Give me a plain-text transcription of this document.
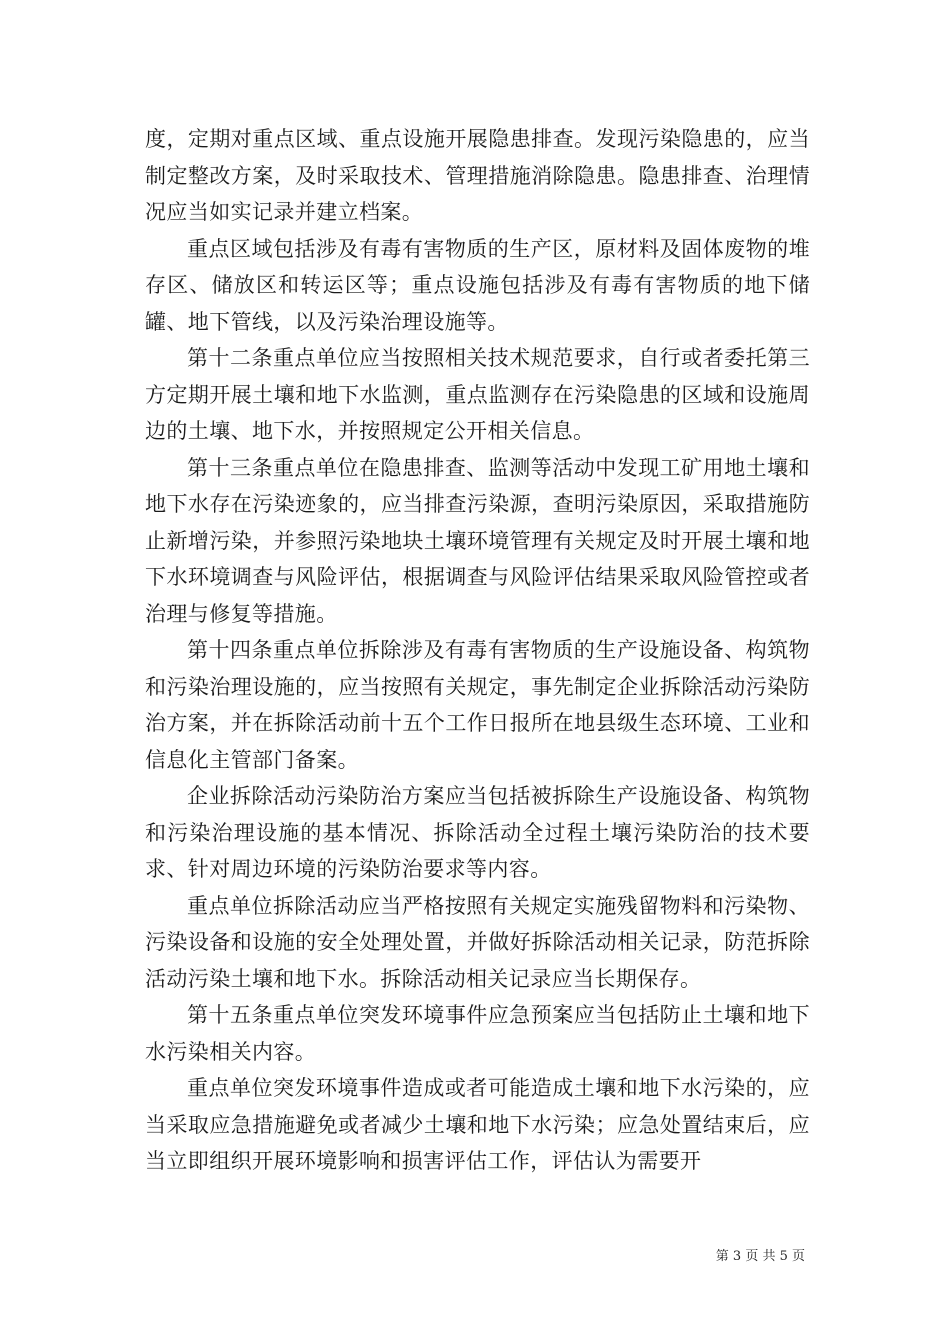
度，定期对重点区域、重点设施开展隐患排查。发现污染隐患的，应当制定整改方案，及时采取技术、管理措施消除隐患。隐患排查、治理情况应当如实记录并建立档案。

重点区域包括涉及有毒有害物质的生产区，原材料及固体废物的堆存区、储放区和转运区等；重点设施包括涉及有毒有害物质的地下储罐、地下管线，以及污染治理设施等。

第十二条重点单位应当按照相关技术规范要求，自行或者委托第三方定期开展土壤和地下水监测，重点监测存在污染隐患的区域和设施周边的土壤、地下水，并按照规定公开相关信息。

第十三条重点单位在隐患排查、监测等活动中发现工矿用地土壤和地下水存在污染迹象的，应当排查污染源，查明污染原因，采取措施防止新增污染，并参照污染地块土壤环境管理有关规定及时开展土壤和地下水环境调查与风险评估，根据调查与风险评估结果采取风险管控或者治理与修复等措施。

第十四条重点单位拆除涉及有毒有害物质的生产设施设备、构筑物和污染治理设施的，应当按照有关规定，事先制定企业拆除活动污染防治方案，并在拆除活动前十五个工作日报所在地县级生态环境、工业和信息化主管部门备案。

企业拆除活动污染防治方案应当包括被拆除生产设施设备、构筑物和污染治理设施的基本情况、拆除活动全过程土壤污染防治的技术要求、针对周边环境的污染防治要求等内容。

重点单位拆除活动应当严格按照有关规定实施残留物料和污染物、污染设备和设施的安全处理处置，并做好拆除活动相关记录，防范拆除活动污染土壤和地下水。拆除活动相关记录应当长期保存。

第十五条重点单位突发环境事件应急预案应当包括防止土壤和地下水污染相关内容。

重点单位突发环境事件造成或者可能造成土壤和地下水污染的，应当采取应急措施避免或者减少土壤和地下水污染；应急处置结束后，应当立即组织开展环境影响和损害评估工作，评估认为需要开

第 3 页 共 5 页
